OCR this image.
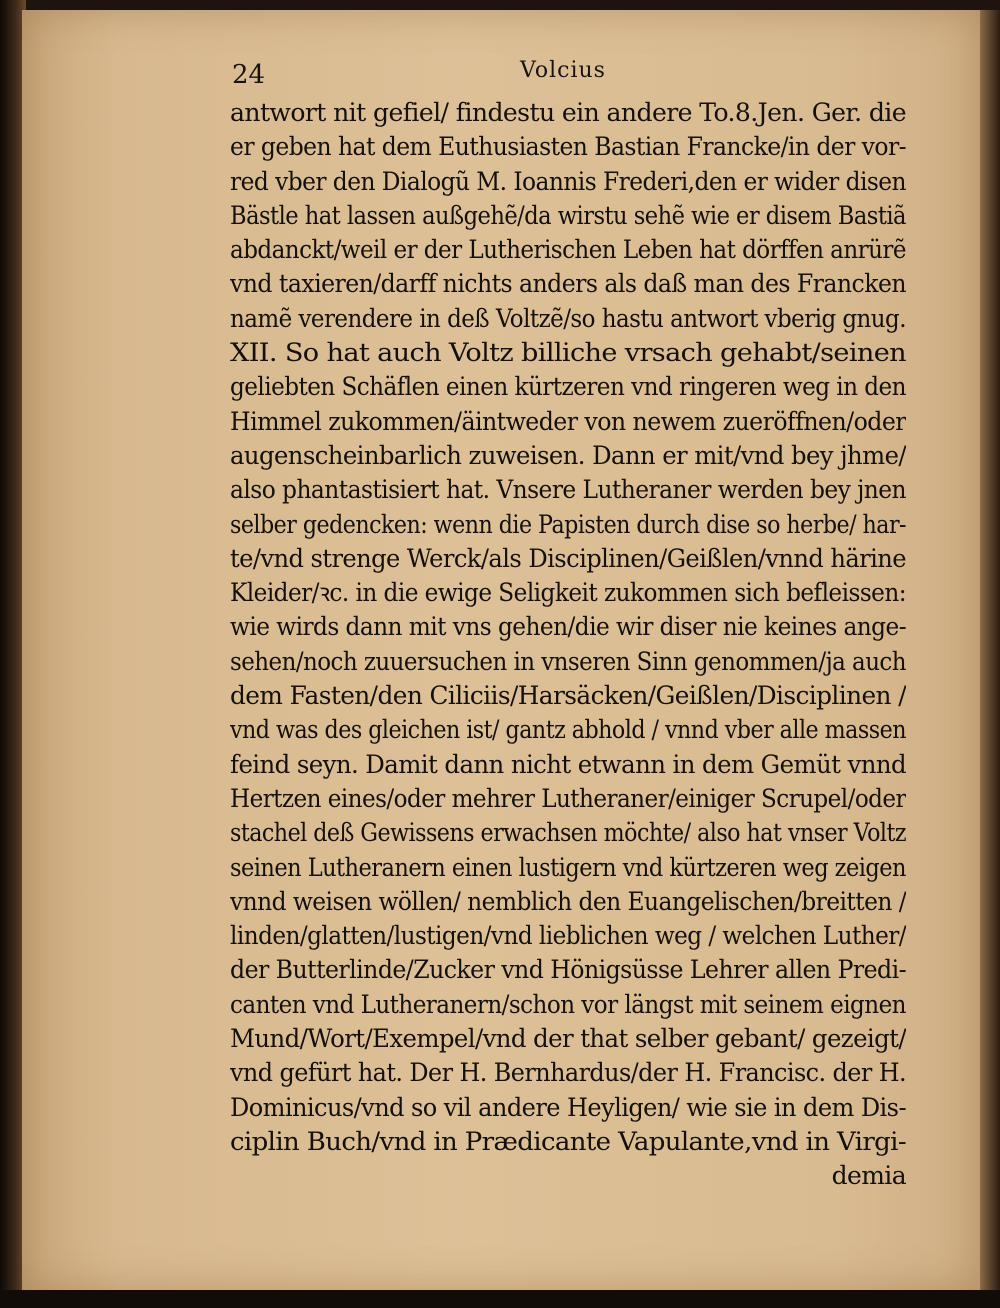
24	Volcius
antwort nit gefiel/ findestu ein andere To.8.Jen. Ger. die
er geben hat dem Euthusiasten Bastian Francke/in der vor-
red vber den Dialogũ M. Ioannis Frederi,den er wider disen
Bästle hat lassen außgehẽ/da wirstu sehẽ wie er disem Bastiã
abdanckt/weil er der Lutherischen Leben hat dörffen anrürẽ
vnd taxieren/darff nichts anders als daß man des Francken
namẽ verendere in deß Voltzẽ/so hastu antwort vberig gnug.
XII. So hat auch Voltz billiche vrsach gehabt/seinen
geliebten Schäflen einen kürtzeren vnd ringeren weg in den
Himmel zukommen/äintweder von newem zueröffnen/oder
augenscheinbarlich zuweisen. Dann er mit/vnd bey jhme/
also phantastisiert hat. Vnsere Lutheraner werden bey jnen
selber gedencken: wenn die Papisten durch dise so herbe/ har-
te/vnd strenge Werck/als Disciplinen/Geißlen/vnnd härine
Kleider/ꝛc. in die ewige Seligkeit zukommen sich befleissen:
wie wirds dann mit vns gehen/die wir diser nie keines ange-
sehen/noch zuuersuchen in vnseren Sinn genommen/ja auch
dem Fasten/den Ciliciis/Harsäcken/Geißlen/Disciplinen /
vnd was des gleichen ist/ gantz abhold / vnnd vber alle massen
feind seyn. Damit dann nicht etwann in dem Gemüt vnnd
Hertzen eines/oder mehrer Lutheraner/einiger Scrupel/oder
stachel deß Gewissens erwachsen möchte/ also hat vnser Voltz
seinen Lutheranern einen lustigern vnd kürtzeren weg zeigen
vnnd weisen wöllen/ nemblich den Euangelischen/breitten /
linden/glatten/lustigen/vnd lieblichen weg / welchen Luther/
der Butterlinde/Zucker vnd Hönigsüsse Lehrer allen Predi-
canten vnd Lutheranern/schon vor längst mit seinem eignen
Mund/Wort/Exempel/vnd der that selber gebant/ gezeigt/
vnd gefürt hat. Der H. Bernhardus/der H. Francisc. der H.
Dominicus/vnd so vil andere Heyligen/ wie sie in dem Dis-
ciplin Buch/vnd in Prædicante Vapulante,vnd in Virgi-
demia
